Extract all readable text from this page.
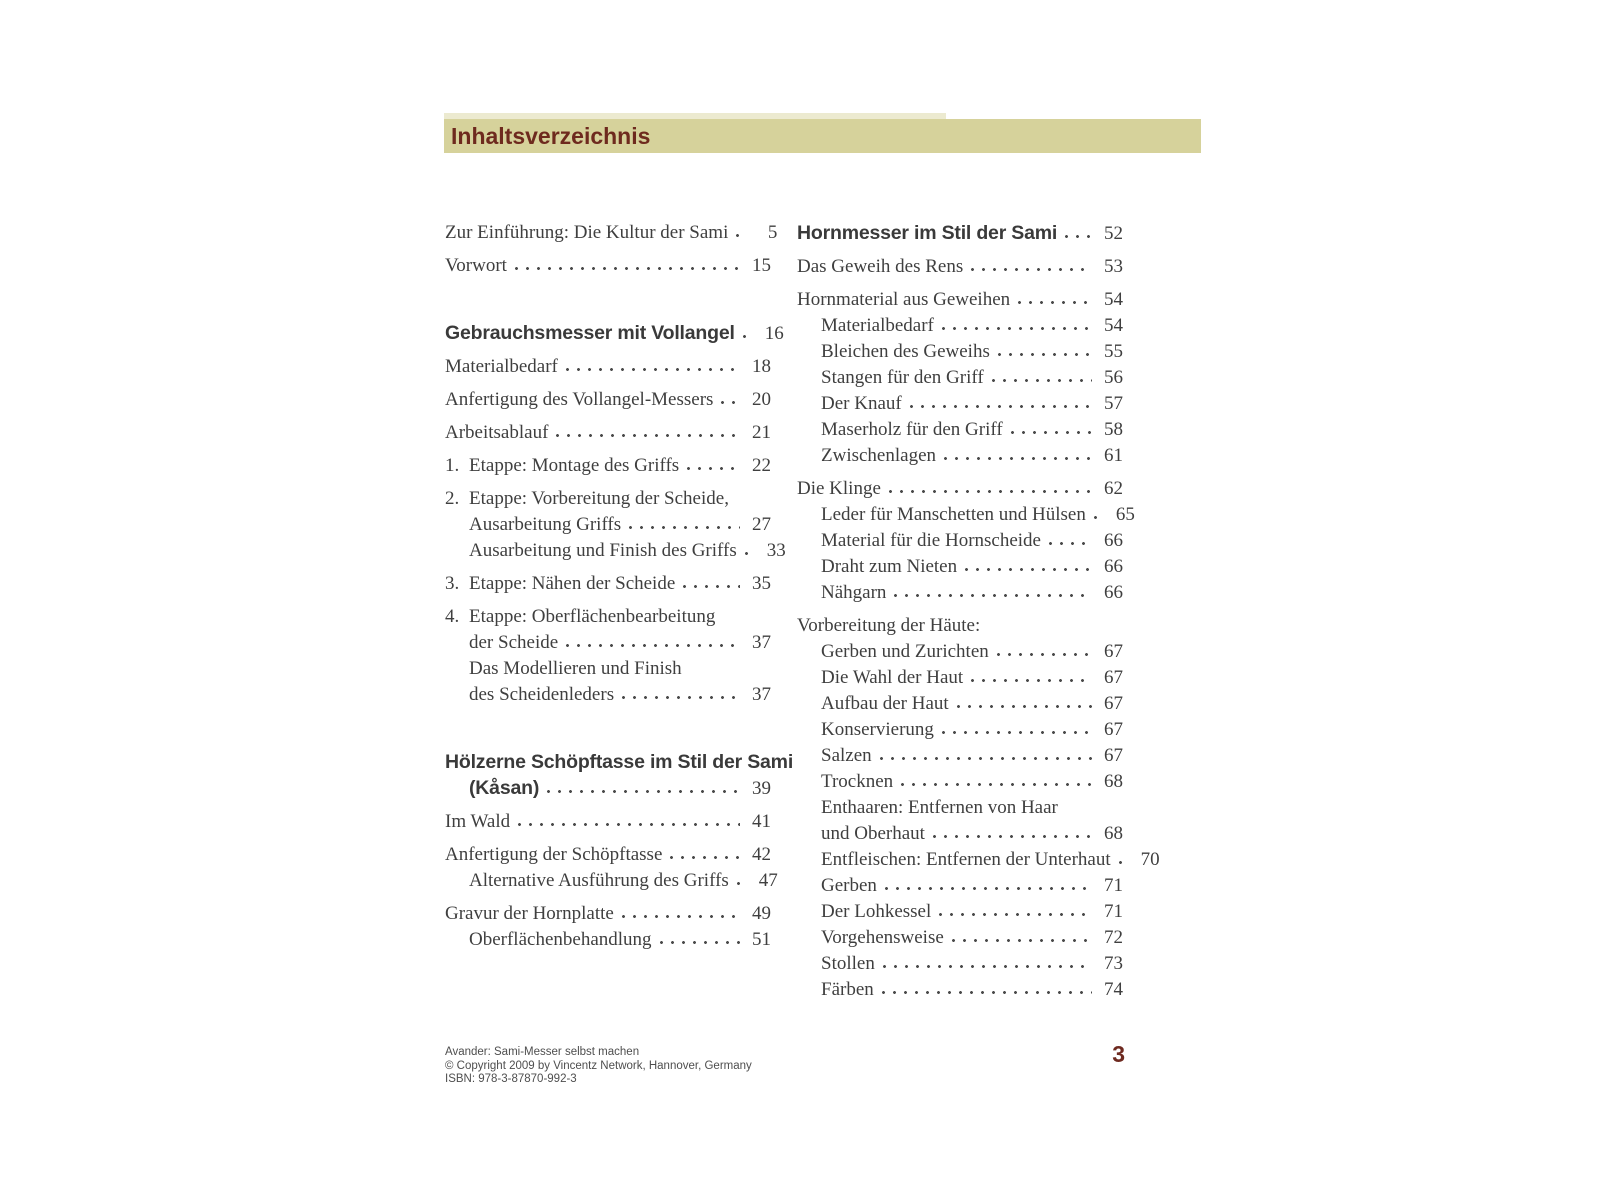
Inhaltsverzeichnis
Zur Einführung: Die Kultur der Sami	5
Vorwort	15
Gebrauchsmesser mit Vollangel 16
Materialbedarf	18
Anfertigung des Vollangel-Messers 20
Arbeitsablauf	21
1. Etappe: Montage des Griffs	22
2. Etappe: Vorbereitung der Scheide,
Ausarbeitung Griffs	27
Ausarbeitung und Finish des Griffs 33
3. Etappe: Nähen der Scheide	35
4. Etappe: Oberflächenbearbeitung
der Scheide	37
Das Modellieren und Finish
des Scheidenleders	37
Hölzerne Schöpftasse im Stil der Sami
(Kåsan)	39
Im Wald	41
Anfertigung der Schöpftasse	42
Alternative Ausführung des Griffs 47
Gravur der Hornplatte	49
Oberflächenbehandlung	51
Hornmesser im Stil der Sami 52
Das Geweih des Rens	53
Hornmaterial aus Geweihen	54
Materialbedarf	54
Bleichen des Geweihs	55
Stangen für den Griff	56
Der Knauf	57
Maserholz für den Griff	58
Zwischenlagen	61
Die Klinge	62
Leder für Manschetten und Hülsen 65
Material für die Hornscheide	66
Draht zum Nieten	66
Nähgarn	66
Vorbereitung der Häute:
Gerben und Zurichten	67
Die Wahl der Haut	67
Aufbau der Haut	67
Konservierung	67
Salzen	67
Trocknen	68
Enthaaren: Entfernen von Haar
und Oberhaut	68
Entfleischen: Entfernen der Unterhaut 70
Gerben	71
Der Lohkessel	71
Vorgehensweise	72
Stollen	73
Färben	74
Avander: Sami-Messer selbst machen
© Copyright 2009 by Vincentz Network, Hannover, Germany
ISBN: 978-3-87870-992-3
3
